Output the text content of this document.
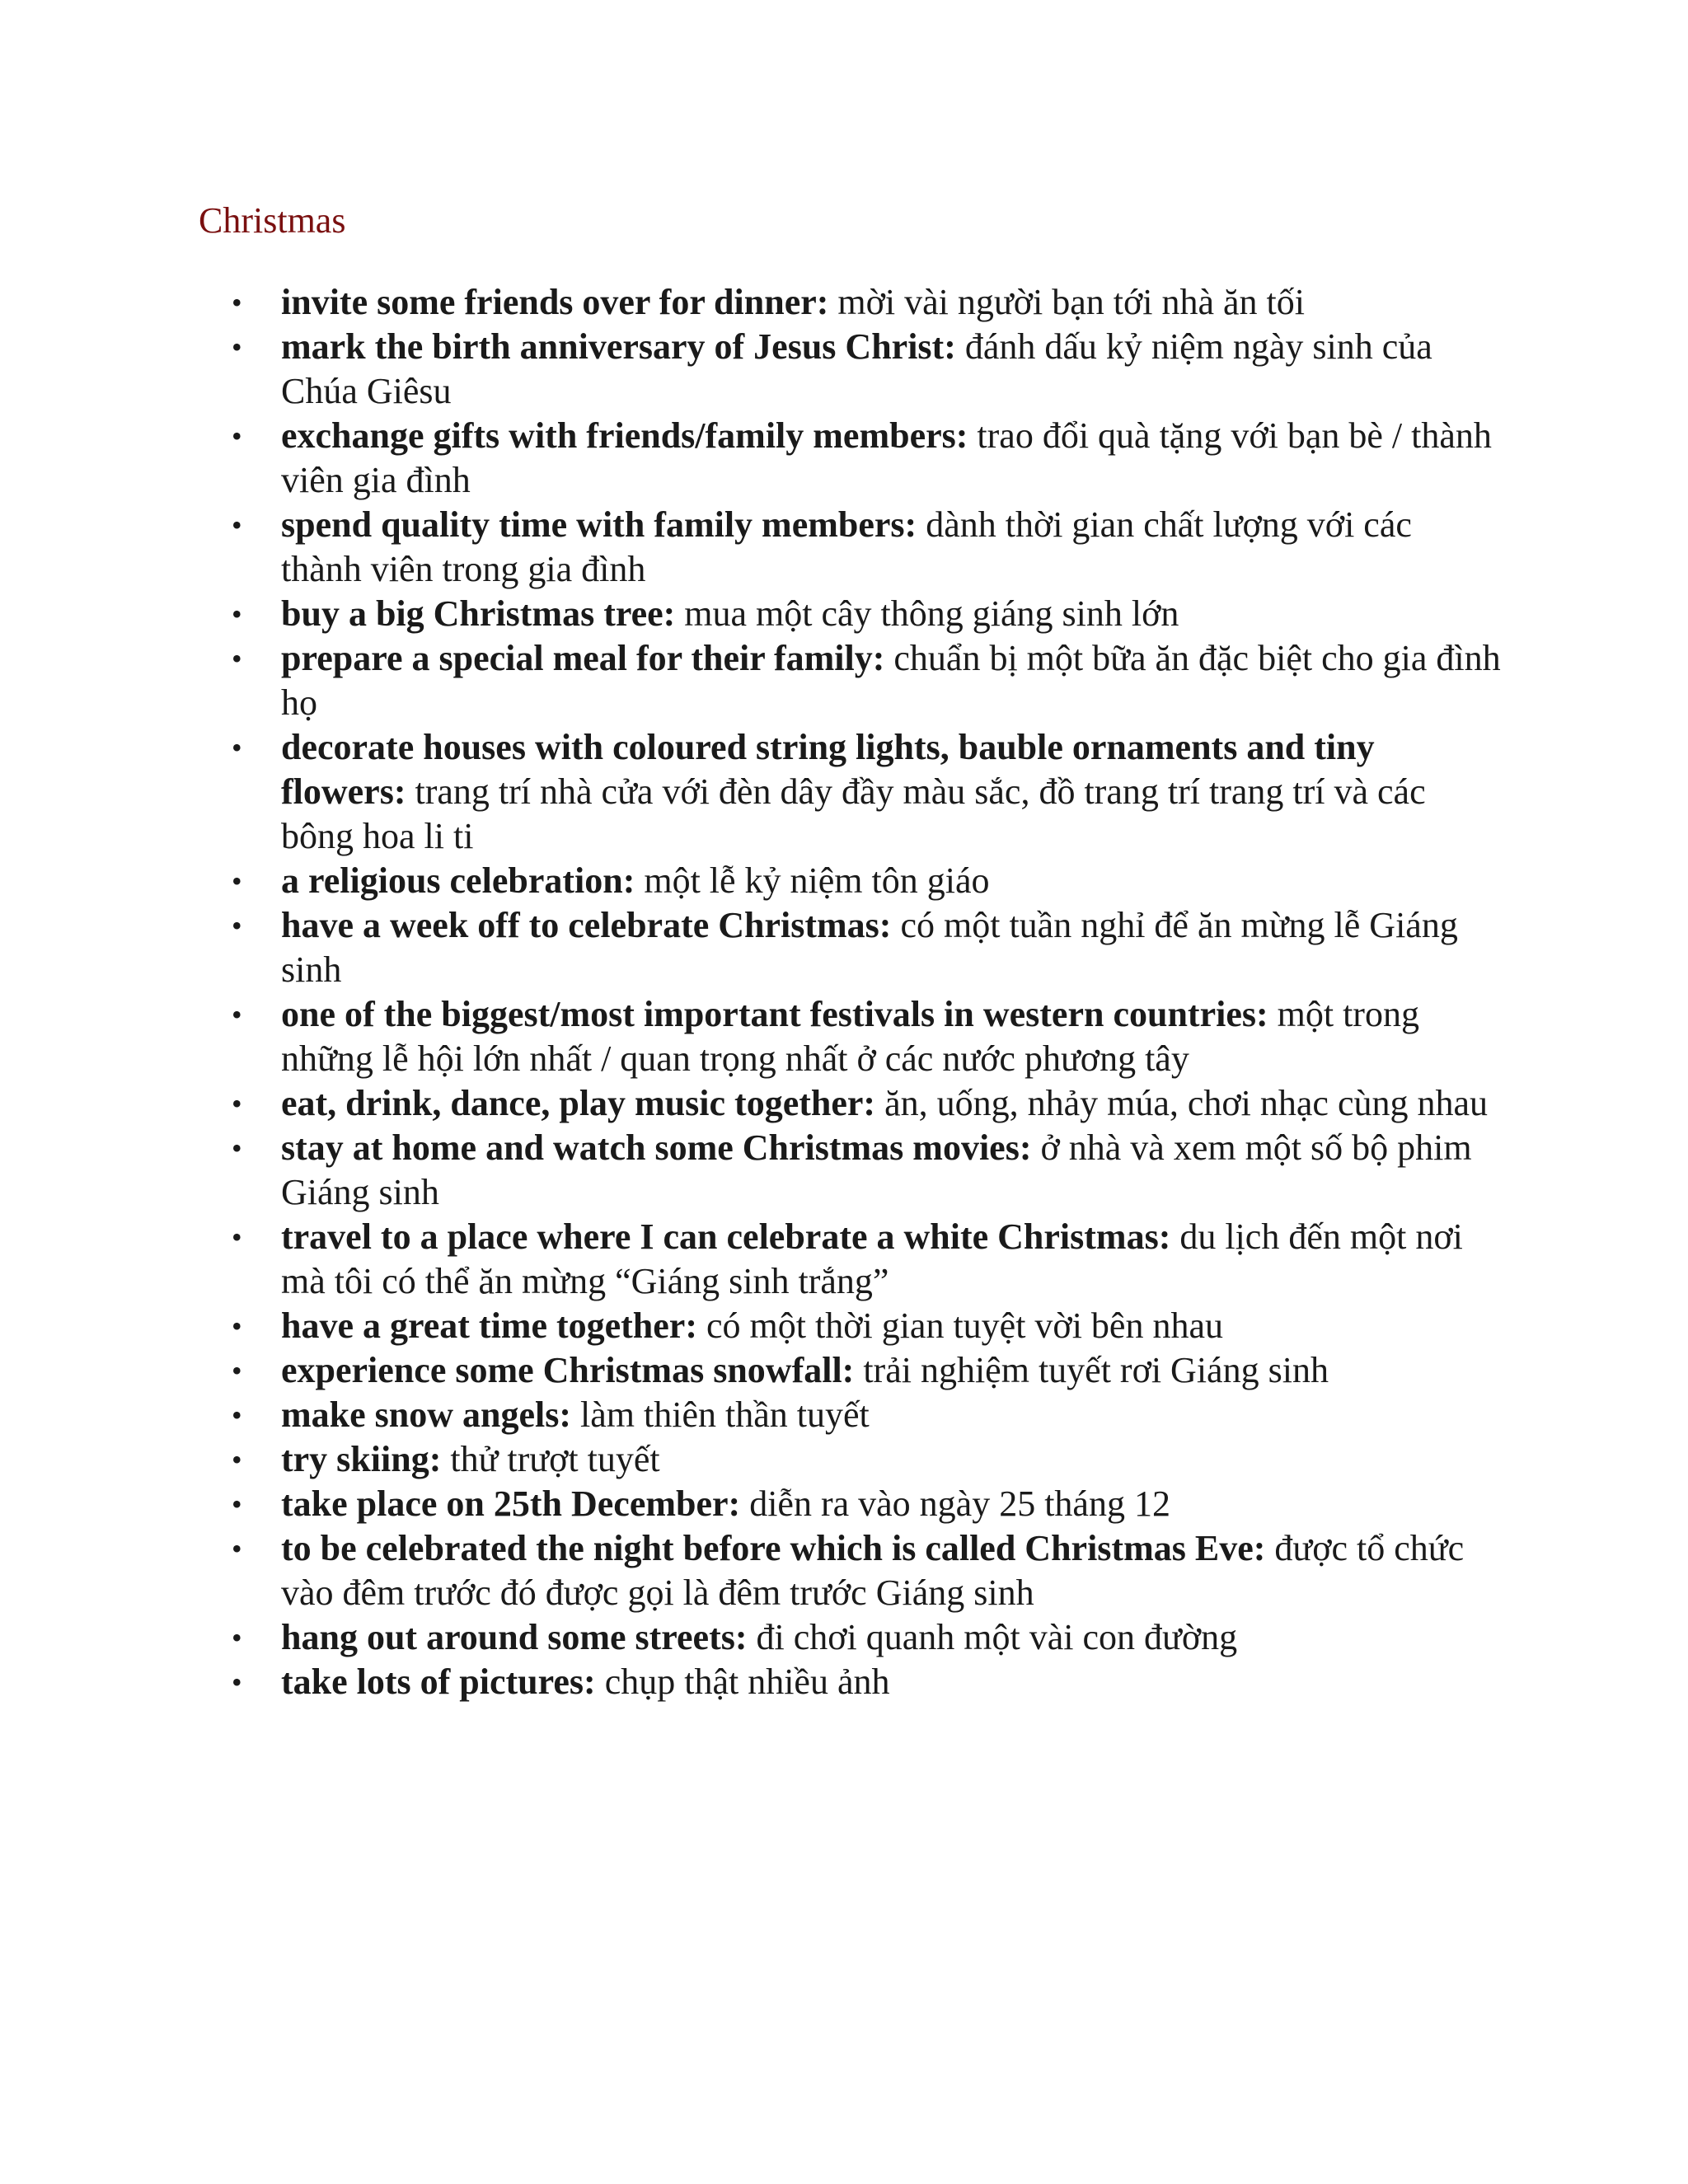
Christmas
• invite some friends over for dinner: mời vài người bạn tới nhà ăn tối
• mark the birth anniversary of Jesus Christ: đánh dấu kỷ niệm ngày sinh của Chúa Giêsu
• exchange gifts with friends/family members: trao đổi quà tặng với bạn bè / thành viên gia đình
• spend quality time with family members: dành thời gian chất lượng với các thành viên trong gia đình
• buy a big Christmas tree: mua một cây thông giáng sinh lớn
• prepare a special meal for their family: chuẩn bị một bữa ăn đặc biệt cho gia đình họ
• decorate houses with coloured string lights, bauble ornaments and tiny flowers: trang trí nhà cửa với đèn dây đầy màu sắc, đồ trang trí trang trí và các bông hoa li ti
• a religious celebration: một lễ kỷ niệm tôn giáo
• have a week off to celebrate Christmas: có một tuần nghỉ để ăn mừng lễ Giáng sinh
• one of the biggest/most important festivals in western countries: một trong những lễ hội lớn nhất / quan trọng nhất ở các nước phương tây
• eat, drink, dance, play music together: ăn, uống, nhảy múa, chơi nhạc cùng nhau
• stay at home and watch some Christmas movies: ở nhà và xem một số bộ phim Giáng sinh
• travel to a place where I can celebrate a white Christmas: du lịch đến một nơi mà tôi có thể ăn mừng “Giáng sinh trắng”
• have a great time together: có một thời gian tuyệt vời bên nhau
• experience some Christmas snowfall: trải nghiệm tuyết rơi Giáng sinh
• make snow angels: làm thiên thần tuyết
• try skiing: thử trượt tuyết
• take place on 25th December: diễn ra vào ngày 25 tháng 12
• to be celebrated the night before which is called Christmas Eve: được tổ chức vào đêm trước đó được gọi là đêm trước Giáng sinh
• hang out around some streets: đi chơi quanh một vài con đường
• take lots of pictures: chụp thật nhiều ảnh
